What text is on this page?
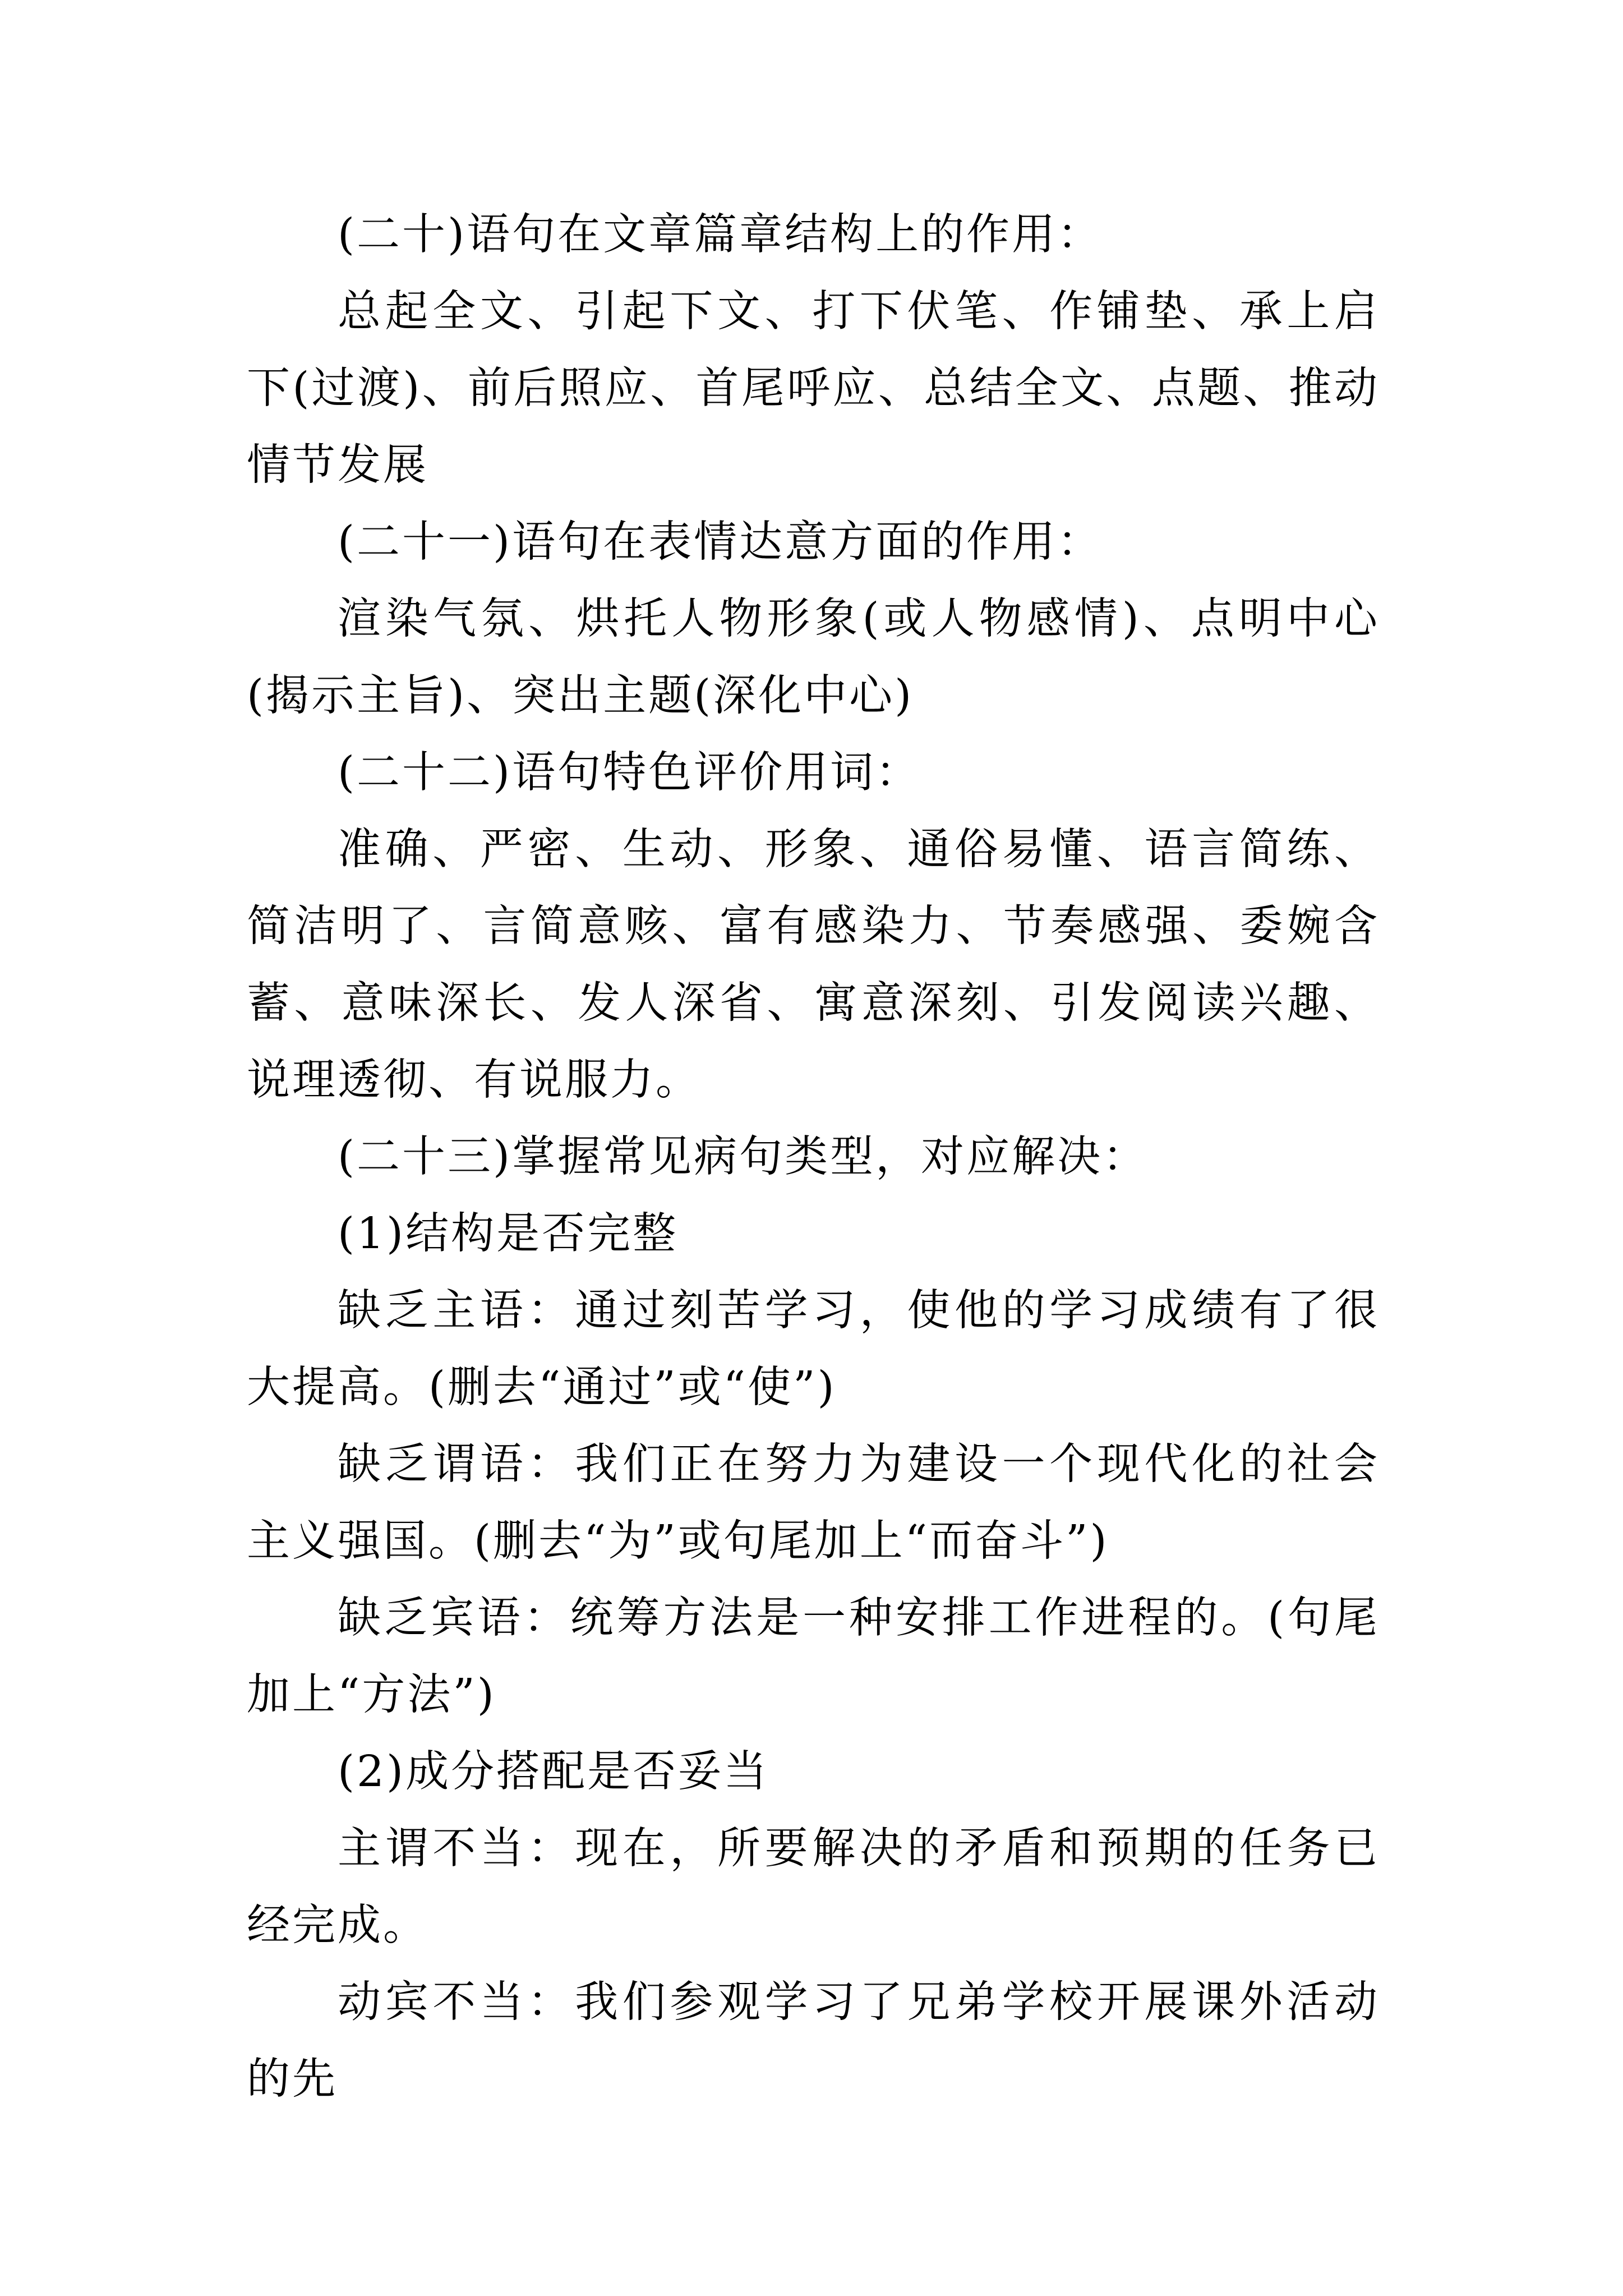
(二十)语句在文章篇章结构上的作用：

总起全文、引起下文、打下伏笔、作铺垫、承上启下(过渡)、前后照应、首尾呼应、总结全文、点题、推动情节发展

(二十一)语句在表情达意方面的作用：

渲染气氛、烘托人物形象(或人物感情)、点明中心(揭示主旨)、突出主题(深化中心)

(二十二)语句特色评价用词：

准确、严密、生动、形象、通俗易懂、语言简练、简洁明了、言简意赅、富有感染力、节奏感强、委婉含蓄、意味深长、发人深省、寓意深刻、引发阅读兴趣、说理透彻、有说服力。

(二十三)掌握常见病句类型，对应解决：

(1)结构是否完整

缺乏主语：通过刻苦学习，使他的学习成绩有了很大提高。(删去“通过”或“使”)

缺乏谓语：我们正在努力为建设一个现代化的社会主义强国。(删去“为”或句尾加上“而奋斗”)

缺乏宾语：统筹方法是一种安排工作进程的。(句尾加上“方法”)

(2)成分搭配是否妥当

主谓不当：现在，所要解决的矛盾和预期的任务已经完成。

动宾不当：我们参观学习了兄弟学校开展课外活动的先
